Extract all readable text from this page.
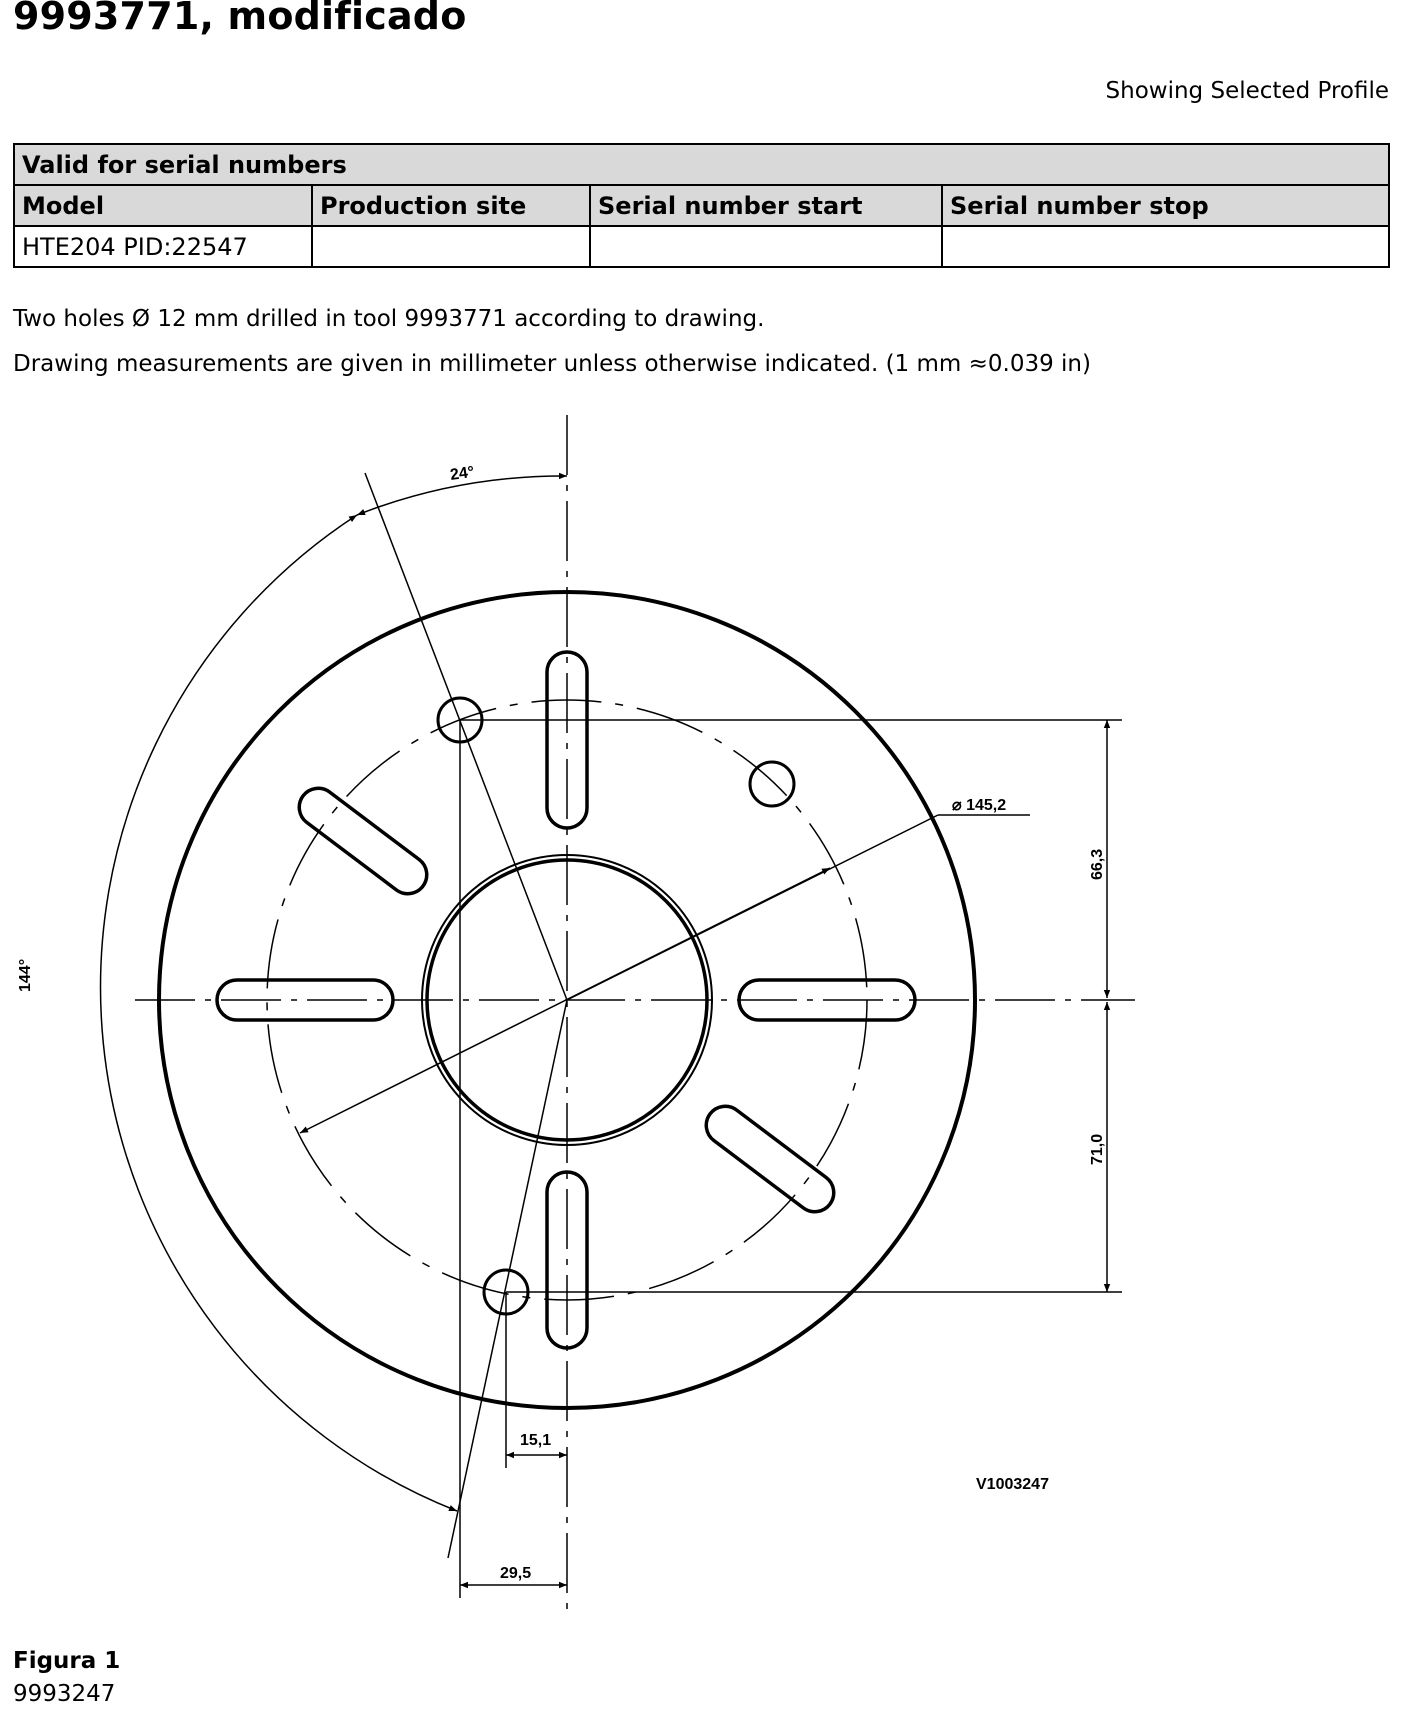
9993771, modificado
Showing Selected Profile
Valid for serial numbers			
Model	Production site	Serial number start	Serial number stop
HTE204 PID:22547			

Two holes Ø 12 mm drilled in tool 9993771 according to drawing.

Drawing measurements are given in millimeter unless otherwise indicated. (1 mm ≈0.039 in)

⌀ 145,2
24°
144°
66,3
71,0
15,1
29,5
V1003247
Figura 1
9993247
